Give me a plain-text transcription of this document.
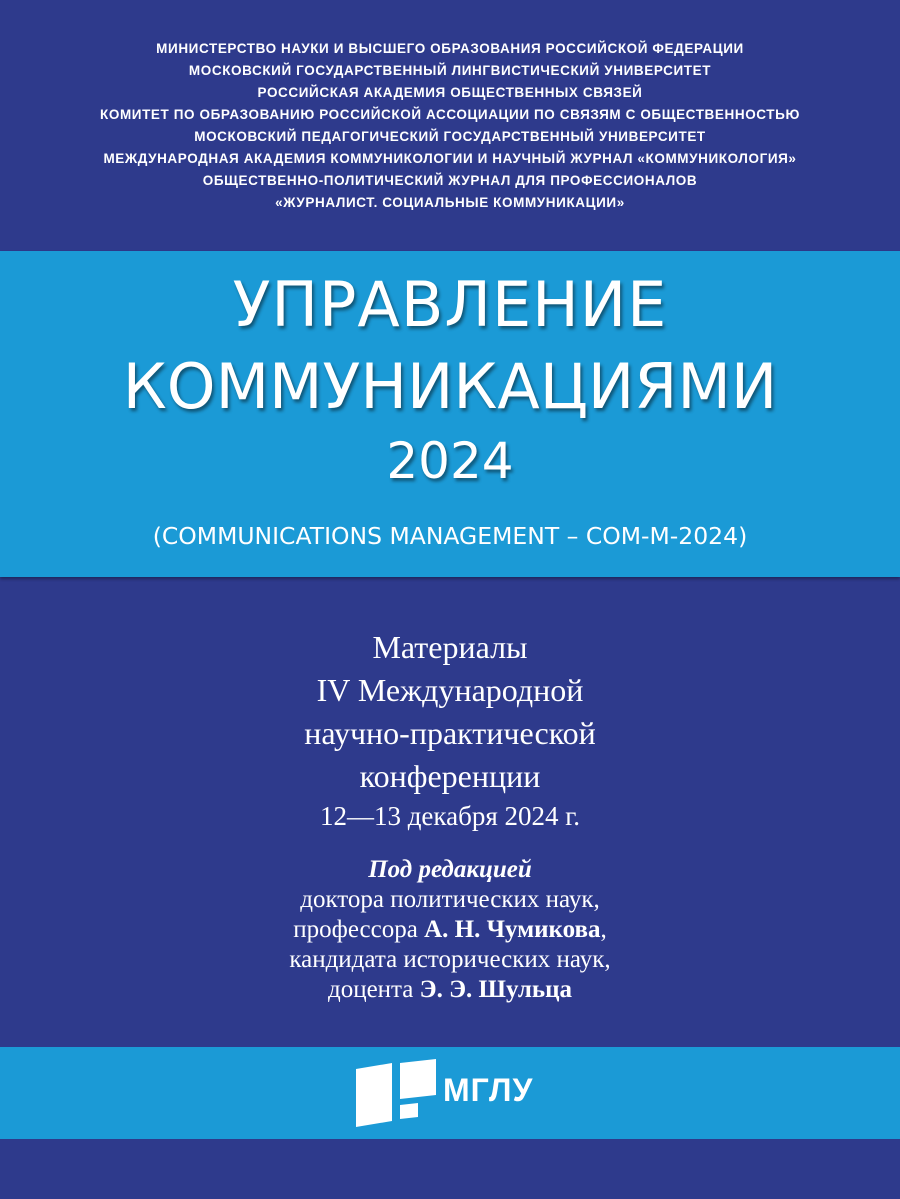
МИНИСТЕРСТВО НАУКИ И ВЫСШЕГО ОБРАЗОВАНИЯ РОССИЙСКОЙ ФЕДЕРАЦИИ
МОСКОВСКИЙ ГОСУДАРСТВЕННЫЙ ЛИНГВИСТИЧЕСКИЙ УНИВЕРСИТЕТ
РОССИЙСКАЯ АКАДЕМИЯ ОБЩЕСТВЕННЫХ СВЯЗЕЙ
КОМИТЕТ ПО ОБРАЗОВАНИЮ РОССИЙСКОЙ АССОЦИАЦИИ ПО СВЯЗЯМ С ОБЩЕСТВЕННОСТЬЮ
МОСКОВСКИЙ ПЕДАГОГИЧЕСКИЙ ГОСУДАРСТВЕННЫЙ УНИВЕРСИТЕТ
МЕЖДУНАРОДНАЯ АКАДЕМИЯ КОММУНИКОЛОГИИ И НАУЧНЫЙ ЖУРНАЛ «КОММУНИКОЛОГИЯ»
ОБЩЕСТВЕННО-ПОЛИТИЧЕСКИЙ ЖУРНАЛ ДЛЯ ПРОФЕССИОНАЛОВ
«ЖУРНАЛИСТ. СОЦИАЛЬНЫЕ КОММУНИКАЦИИ»
УПРАВЛЕНИЕ
КОММУНИКАЦИЯМИ
2024
(COMMUNICATIONS MANAGEMENT – COM-M-2024)
Материалы
IV Международной
научно-практической
конференции
12—13 декабря 2024 г.
Под редакцией
доктора политических наук,
профессора А. Н. Чумикова,
кандидата исторических наук,
доцента Э. Э. Шульца
МГЛУ
